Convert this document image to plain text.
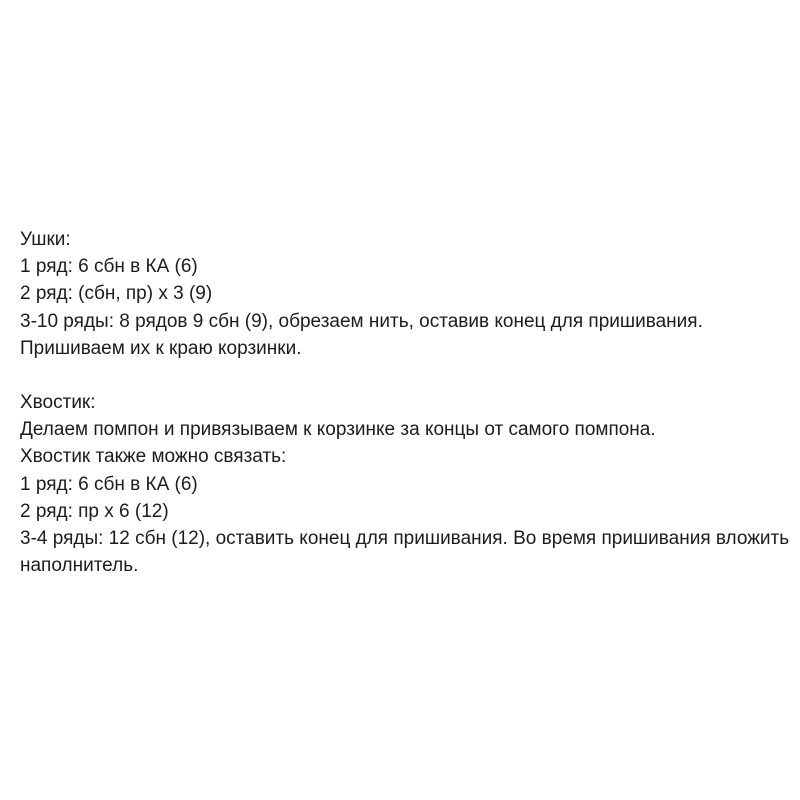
Ушки:
1 ряд: 6 сбн в КА (6)
2 ряд: (сбн, пр) х 3 (9)
3-10 ряды: 8 рядов 9 сбн (9), обрезаем нить, оставив конец для пришивания. Пришиваем их к краю корзинки.
Хвостик:
Делаем помпон и привязываем к корзинке за концы от самого помпона.
Хвостик также можно связать:
1 ряд: 6 сбн в КА (6)
2 ряд: пр х 6 (12)
3-4 ряды: 12 сбн (12), оставить конец для пришивания. Во время пришивания вложить наполнитель.
